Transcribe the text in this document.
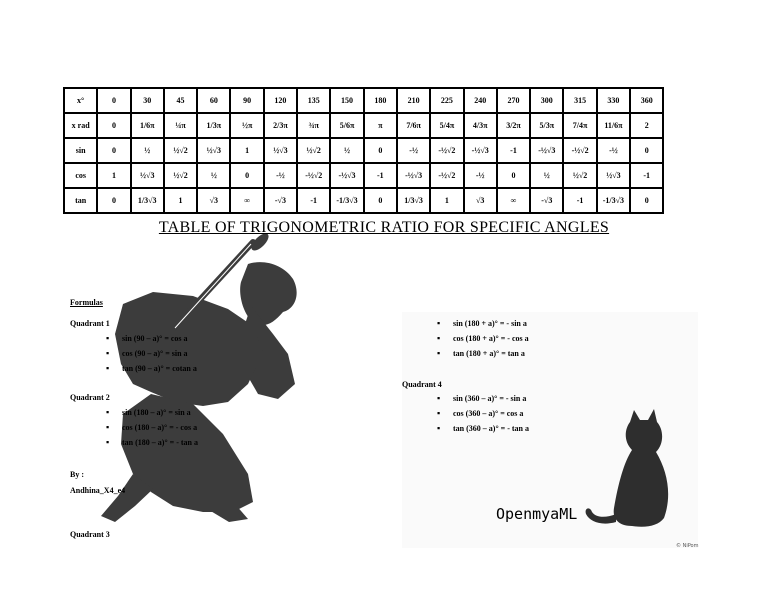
x°	0	30	45	60	90	120	135	150	180	210	225	240	270	300	315	330	360
x rad	0	1/6π	¼π	1/3π	½π	2/3π	¾π	5/6π	π	7/6π	5/4π	4/3π	3/2π	5/3π	7/4π	11/6π	2
sin	0	½	½√2	½√3	1	½√3	½√2	½	0	-½	-½√2	-½√3	-1	-½√3	-½√2	-½	0
cos	1	½√3	½√2	½	0	-½	-½√2	-½√3	-1	-½√3	-½√2	-½	0	½	½√2	½√3	-1
tan	0	1/3√3	1	√3	∞	-√3	-1	-1/3√3	0	1/3√3	1	√3	∞	-√3	-1	-1/3√3	0
TABLE OF TRIGONOMETRIC RATIO FOR SPECIFIC ANGLES
OpenmyaML
© NiPom
Formulas
Quadrant 1
▪ sin (90 – a)° = cos a
▪ cos (90 – a)° = sin a
▪ tan (90 – a)° = cotan a
Quadrant 2
▪ sin (180 – a)° = sin a
▪ cos (180 – a)° = - cos a
▪ tan (180 – a)° = - tan a
By :
Andhina_X4_e4
Quadrant 3
▪ sin (180 + a)° = - sin a
▪ cos (180 + a)° = - cos a
▪ tan (180 + a)° = tan a
Quadrant 4
▪ sin (360 – a)° = - sin a
▪ cos (360 – a)° = cos a
▪ tan (360 – a)° = - tan a
